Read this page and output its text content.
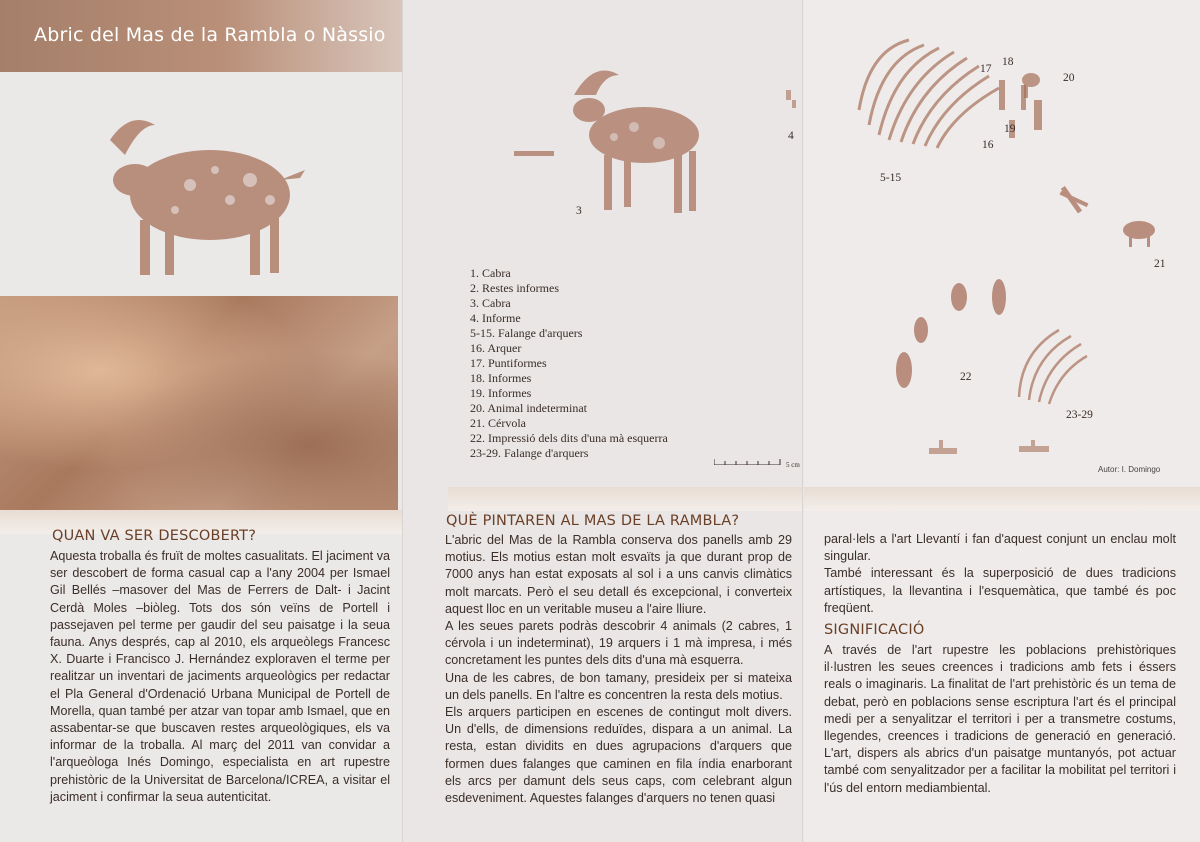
Abric del Mas de la Rambla o Nàssio
QUAN VA SER DESCOBERT?

Aquesta troballa és fruït de moltes casualitats. El jaciment va ser descobert de forma casual cap a l'any 2004 per Ismael Gil Bellés –masover del Mas de Ferrers de Dalt- i Jacint Cerdà Moles –biòleg. Tots dos són veïns de Portell i passejaven pel terme per gaudir del seu paisatge i la seua fauna. Anys després, cap al 2010, els arqueòlegs Francesc X. Duarte i Francisco J. Hernández exploraven el terme per realitzar un inventari de jaciments arqueològics per redactar el Pla General d'Ordenació Urbana Municipal de Portell de Morella, quan també per atzar van topar amb Ismael, que en assabentar-se que buscaven restes arqueològiques, els va informar de la troballa. Al març del 2011 van convidar a l'arqueòloga Inés Domingo, especialista en art rupestre prehistòric de la Universitat de Barcelona/ICREA, a visitar el jaciment i confirmar la seua autenticitat.

3
4
1. Cabra
2. Restes informes
3. Cabra
4. Informe
5-15. Falange d'arquers
16. Arquer
17. Puntiformes
18. Informes
19. Informes
20. Animal indeterminat
21. Cérvola
22. Impressió dels dits d'una mà esquerra
23-29. Falange d'arquers
5 cm
QUÈ PINTAREN AL MAS DE LA RAMBLA?

L'abric del Mas de la Rambla conserva dos panells amb 29 motius. Els motius estan molt esvaïts ja que durant prop de 7000 anys han estat exposats al sol i a uns canvis climàtics molt marcats. Però el seu detall és excepcional, i converteix aquest lloc en un veritable museu a l'aire lliure.

A les seues parets podràs descobrir 4 animals (2 cabres, 1 cérvola i un indeterminat), 19 arquers i 1 mà impresa, i més concretament les puntes dels dits d'una mà esquerra.

Una de les cabres, de bon tamany, presideix per si mateixa un dels panells. En l'altre es concentren la resta dels motius.

Els arquers participen en escenes de contingut molt divers. Un d'ells, de dimensions reduïdes, dispara a un animal. La resta, estan dividits en dues agrupacions d'arquers que formen dues falanges que caminen en fila índia enarborant els arcs per damunt dels seus caps, com celebrant algun esdeveniment. Aquestes falanges d'arquers no tenen quasi

17
18
20
19
16
5-15
21
22
23-29
Autor: I. Domingo

paral·lels a l'art Llevantí i fan d'aquest conjunt un enclau molt singular.

També interessant és la superposició de dues tradicions artístiques, la llevantina i l'esquemàtica, que també és poc freqüent.

SIGNIFICACIÓ

A través de l'art rupestre les poblacions prehistòriques il·lustren les seues creences i tradicions amb fets i éssers reals o imaginaris. La finalitat de l'art prehistòric és un tema de debat, però en poblacions sense escriptura l'art és el principal medi per a senyalitzar el territori i per a transmetre costums, llegendes, creences i tradicions de generació en generació. L'art, dispers als abrics d'un paisatge muntanyós, pot actuar també com senyalitzador per a facilitar la mobilitat pel territori i l'ús del entorn mediambiental.
